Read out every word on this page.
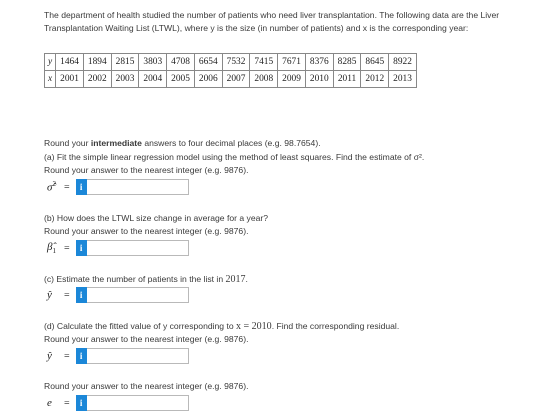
The department of health studied the number of patients who need liver transplantation. The following data are the Liver Transplantation Waiting List (LTWL), where y is the size (in number of patients) and x is the corresponding year:
y	1464	1894	2815	3803	4708	6654	7532	7415	7671	8376	8285	8645	8922
x	2001	2002	2003	2004	2005	2006	2007	2008	2009	2010	2011	2012	2013
Round your intermediate answers to four decimal places (e.g. 98.7654).
(a) Fit the simple linear regression model using the method of least squares. Find the estimate of σ².
Round your answer to the nearest integer (e.g. 9876).
σ̂$^2$ =	i
(b) How does the LTWL size change in average for a year?
Round your answer to the nearest integer (e.g. 9876).
$\betâ_1$ =	i
(c) Estimate the number of patients in the list in 2017.
ŷ	=	i
(d) Calculate the fitted value of y corresponding to x = 2010. Find the corresponding residual.
Round your answer to the nearest integer (e.g. 9876).
ŷ	=	i
Round your answer to the nearest integer (e.g. 9876).
e	=	i
